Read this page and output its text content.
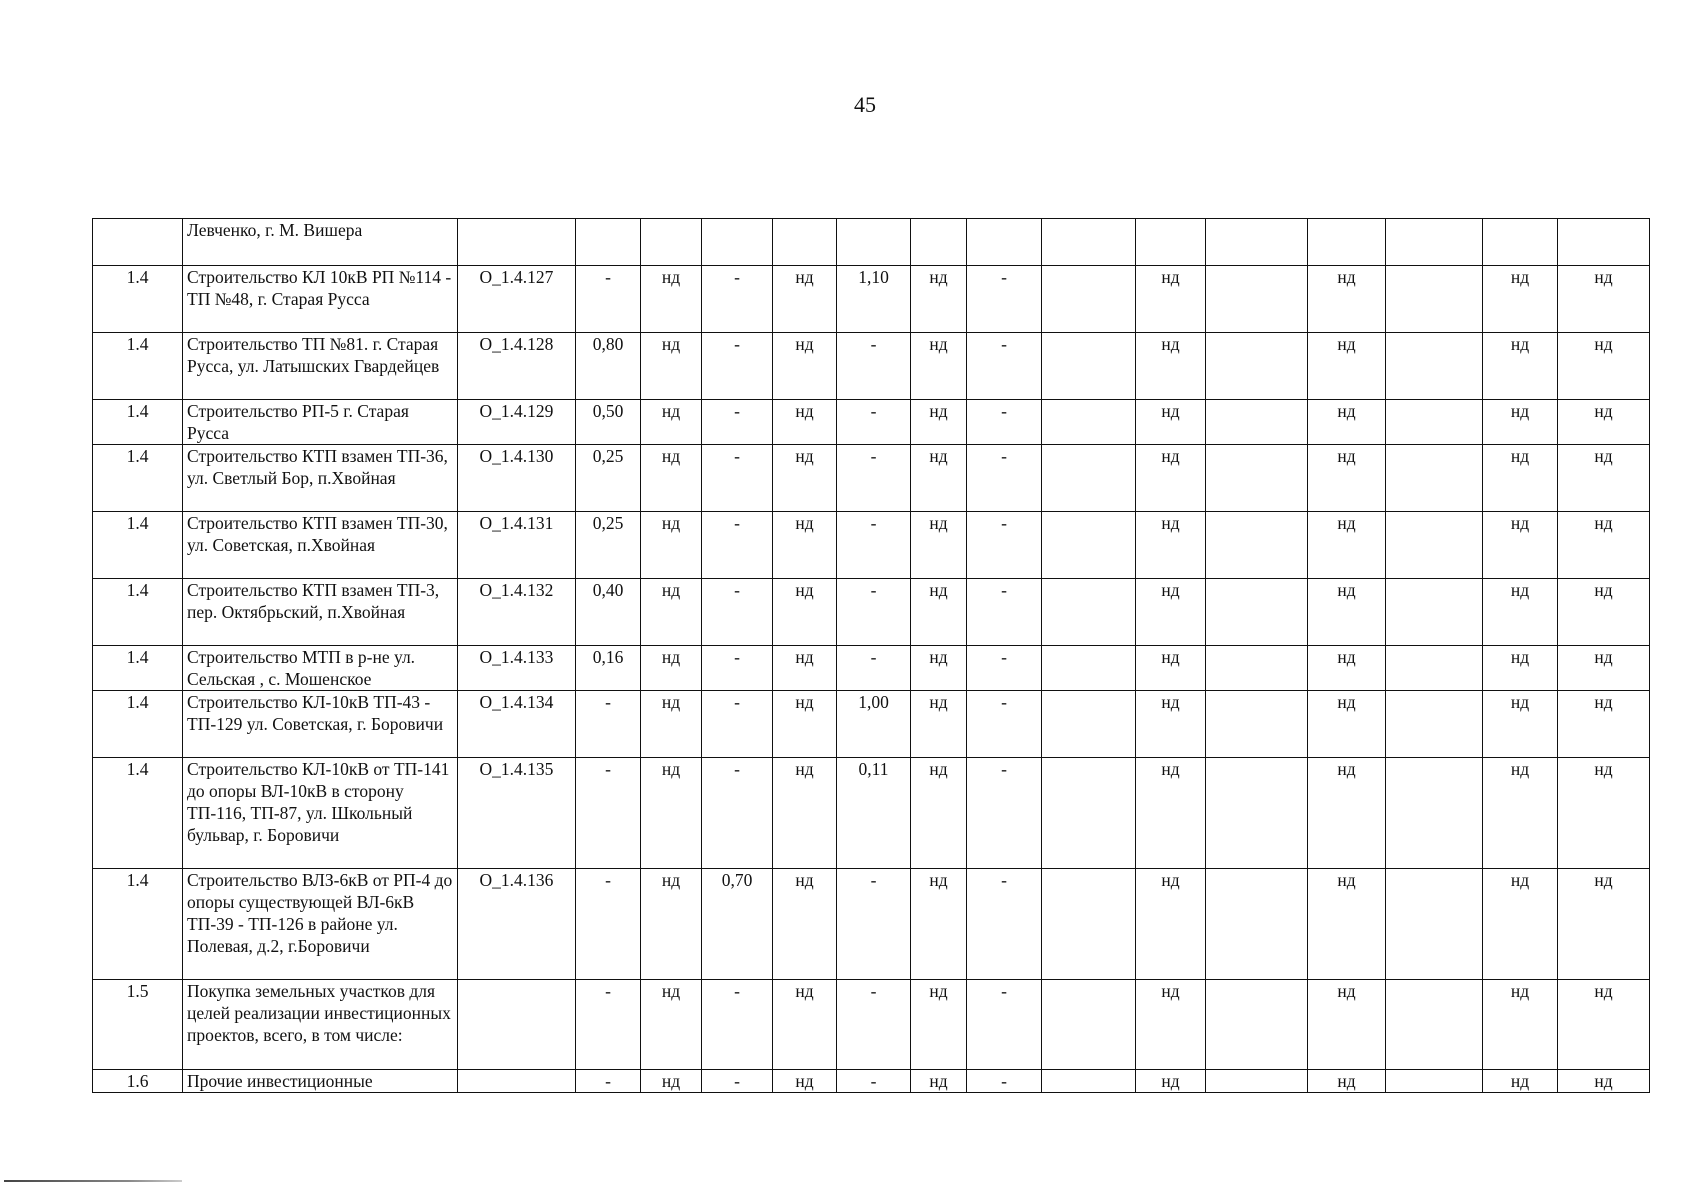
45
	Левченко, г. М. Вишера															
1.4	Строительство КЛ 10кВ РП №114 - ТП №48, г. Старая Русса	О_1.4.127	-	нд	-	нд	1,10	нд	-		нд		нд		нд	нд
1.4	Строительство ТП №81. г. Старая Русса, ул. Латышских Гвардейцев	О_1.4.128	0,80	нд	-	нд	-	нд	-		нд		нд		нд	нд
1.4	Строительство РП-5 г. Старая Русса	О_1.4.129	0,50	нд	-	нд	-	нд	-		нд		нд		нд	нд
1.4	Строительство КТП взамен ТП-36, ул. Светлый Бор, п.Хвойная	О_1.4.130	0,25	нд	-	нд	-	нд	-		нд		нд		нд	нд
1.4	Строительство КТП взамен ТП-30, ул. Советская, п.Хвойная	О_1.4.131	0,25	нд	-	нд	-	нд	-		нд		нд		нд	нд
1.4	Строительство КТП взамен ТП-3, пер. Октябрьский, п.Хвойная	О_1.4.132	0,40	нд	-	нд	-	нд	-		нд		нд		нд	нд
1.4	Строительство МТП в р-не ул. Сельская , с. Мошенское	О_1.4.133	0,16	нд	-	нд	-	нд	-		нд		нд		нд	нд
1.4	Строительство КЛ-10кВ ТП-43 - ТП-129 ул. Советская, г. Боровичи	О_1.4.134	-	нд	-	нд	1,00	нд	-		нд		нд		нд	нд
1.4	Строительство КЛ-10кВ от ТП-141 до опоры ВЛ-10кВ в сторону ТП-116, ТП-87, ул. Школьный бульвар, г. Боровичи	О_1.4.135	-	нд	-	нд	0,11	нд	-		нд		нд		нд	нд
1.4	Строительство ВЛЗ-6кВ от РП-4 до опоры существующей ВЛ-6кВ ТП-39 - ТП-126 в районе ул. Полевая, д.2, г.Боровичи	О_1.4.136	-	нд	0,70	нд	-	нд	-		нд		нд		нд	нд
1.5	Покупка земельных участков для целей реализации инвестиционных проектов, всего, в том числе:		-	нд	-	нд	-	нд	-		нд		нд		нд	нд
1.6	Прочие инвестиционные		-	нд	-	нд	-	нд	-		нд		нд		нд	нд
